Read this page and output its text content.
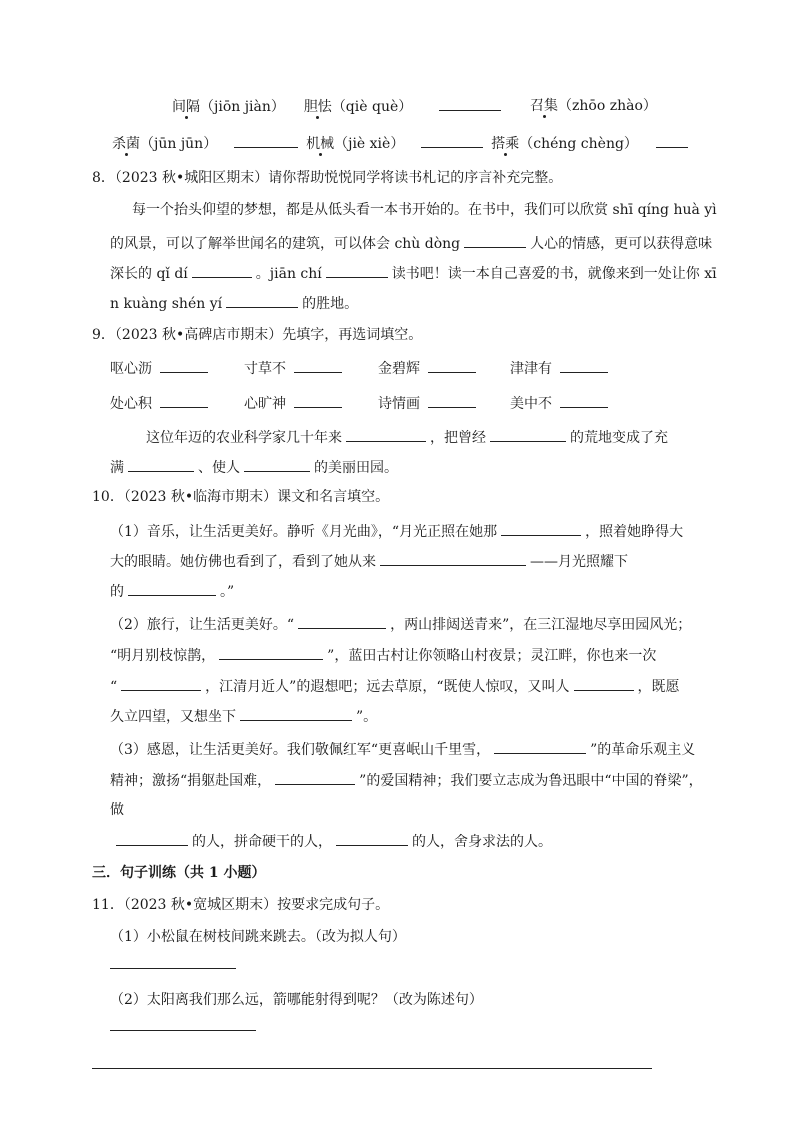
间隔（jiōn jiàn） 胆怯（qiè què）	召集（zhōo zhào）
杀菌（jūn jūn）	机械（jiè xiè）	搭乘（chéng chèng）
8．（2023 秋•城阳区期末）请你帮助悦悦同学将读书札记的序言补充完整。
每一个抬头仰望的梦想，都是从低头看一本书开始的。在书中，我们可以欣赏 shī qíng huà yì
的风景，可以了解举世闻名的建筑，可以体会 chù dòng	人心的情感，更可以获得意味
深长的 qǐ dí	。jiān chí	读书吧！读一本自己喜爱的书，就像来到一处让你 xī
n kuàng shén yí	的胜地。
9．（2023 秋•高碑店市期末）先填字，再选词填空。
呕心沥	寸草不	金碧辉	津津有
处心积	心旷神	诗情画	美中不
这位年迈的农业科学家几十年来	，把曾经	的荒地变成了充
满	、使人	的美丽田园。
10．（2023 秋•临海市期末）课文和名言填空。
（1）音乐，让生活更美好。静听《月光曲》，“月光正照在她那	，照着她睁得大
大的眼睛。她仿佛也看到了，看到了她从来	——月光照耀下
的	。”
（2）旅行，让生活更美好。“	，两山排闼送青来”，在三江湿地尽享田园风光；
“明月别枝惊鹊，	”，蓝田古村让你领略山村夜景；灵江畔，你也来一次
“	，江清月近人”的遐想吧；远去草原，“既使人惊叹，又叫人	，既愿
久立四望，又想坐下	”。
（3）感恩，让生活更美好。我们敬佩红军“更喜岷山千里雪，	”的革命乐观主义
精神；激扬“捐躯赴国难，	”的爱国精神；我们要立志成为鲁迅眼中“中国的脊梁”，
做
的人，拼命硬干的人，	的人，舍身求法的人。
三．句子训练（共 1 小题）
11．（2023 秋•宽城区期末）按要求完成句子。
（1）小松鼠在树枝间跳来跳去。（改为拟人句）
（2）太阳离我们那么远，箭哪能射得到呢？（改为陈述句）
